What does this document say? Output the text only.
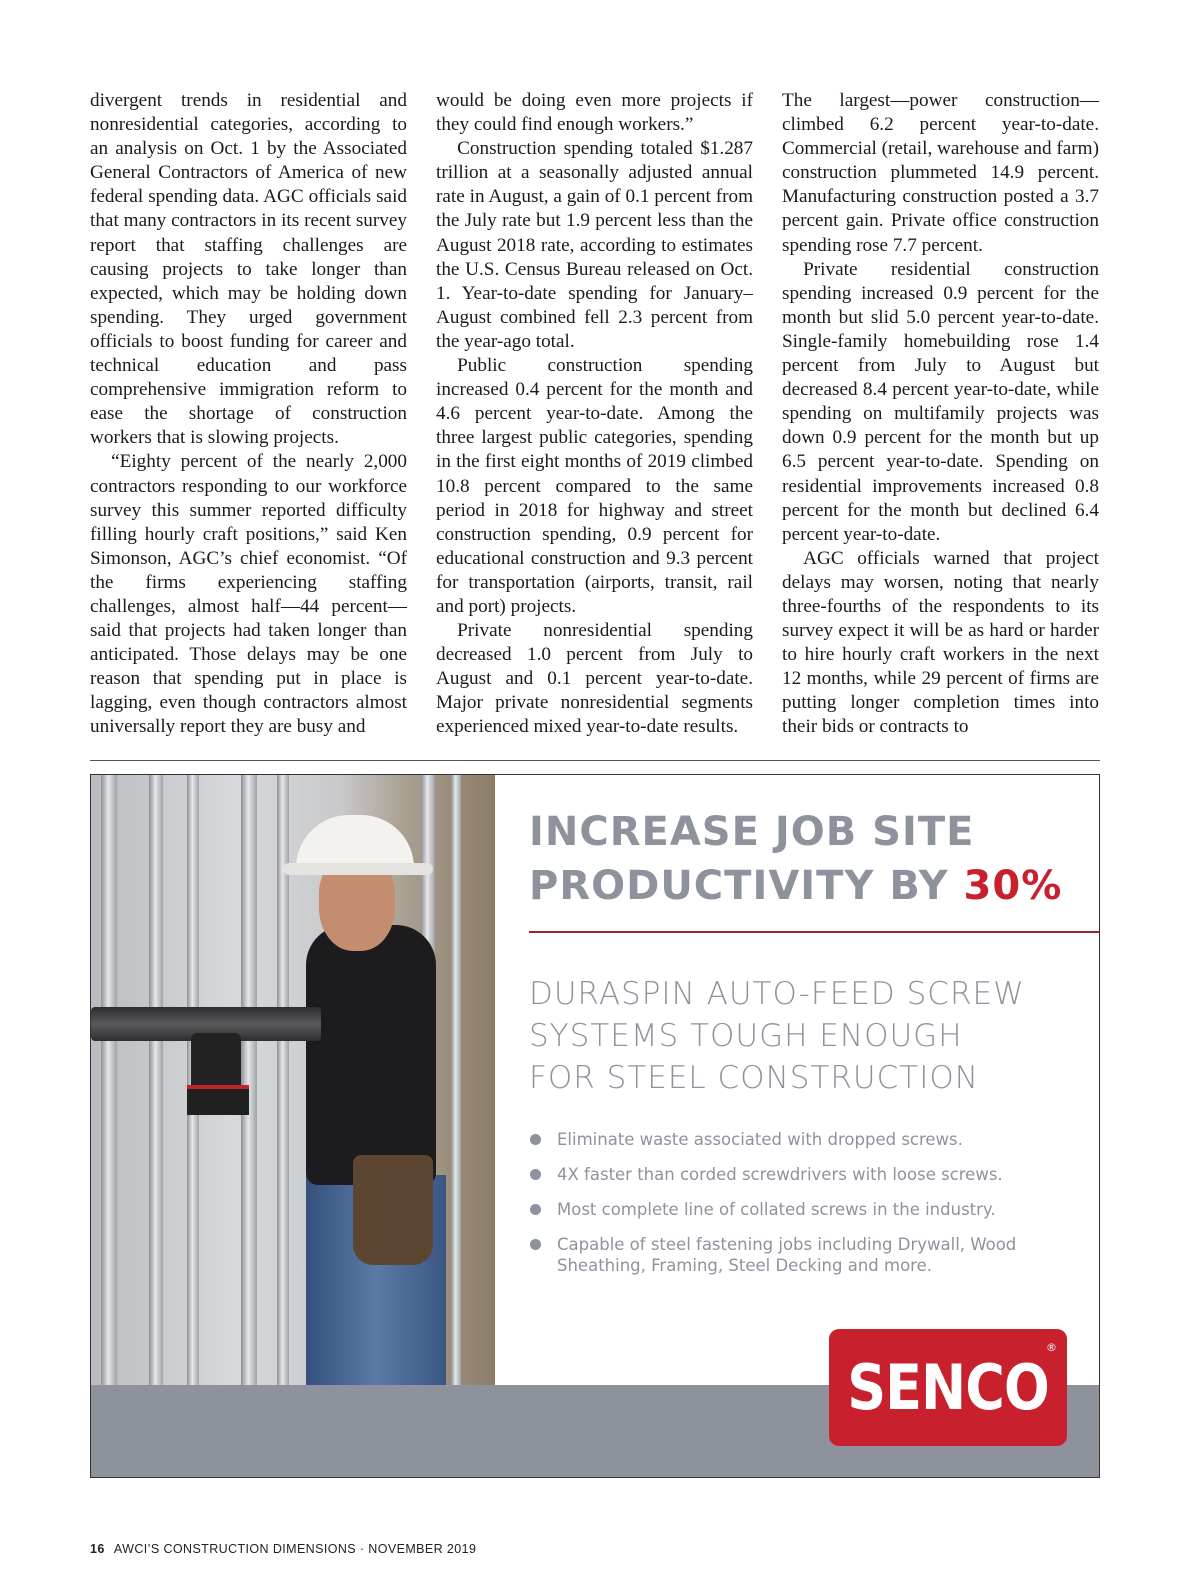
divergent trends in residential and nonresidential categories, according to an analysis on Oct. 1 by the Associated General Contractors of America of new federal spending data. AGC officials said that many contractors in its recent survey report that staffing challenges are causing projects to take longer than expected, which may be holding down spending. They urged government officials to boost funding for career and technical education and pass comprehensive immigration reform to ease the shortage of construction workers that is slowing projects.

“Eighty percent of the nearly 2,000 contractors responding to our workforce survey this summer reported difficulty filling hourly craft positions,” said Ken Simonson, AGC’s chief economist. “Of the firms experiencing staffing challenges, almost half—44 percent—said that projects had taken longer than anticipated. Those delays may be one reason that spending put in place is lagging, even though contractors almost universally report they are busy and

would be doing even more projects if they could find enough workers.”

Construction spending totaled $1.287 trillion at a seasonally adjusted annual rate in August, a gain of 0.1 percent from the July rate but 1.9 percent less than the August 2018 rate, according to estimates the U.S. Census Bureau released on Oct. 1. Year-to-date spending for January–August combined fell 2.3 percent from the year-ago total.

Public construction spending increased 0.4 percent for the month and 4.6 percent year-to-date. Among the three largest public categories, spending in the first eight months of 2019 climbed 10.8 percent compared to the same period in 2018 for highway and street construction spending, 0.9 percent for educational construction and 9.3 percent for transportation (airports, transit, rail and port) projects.

Private nonresidential spending decreased 1.0 percent from July to August and 0.1 percent year-to-date. Major private nonresidential segments experienced mixed year-to-date results.

The largest—power construction—climbed 6.2 percent year-to-date. Commercial (retail, warehouse and farm) construction plummeted 14.9 percent. Manufacturing construction posted a 3.7 percent gain. Private office construction spending rose 7.7 percent.

Private residential construction spending increased 0.9 percent for the month but slid 5.0 percent year-to-date. Single-family homebuilding rose 1.4 percent from July to August but decreased 8.4 percent year-to-date, while spending on multifamily projects was down 0.9 percent for the month but up 6.5 percent year-to-date. Spending on residential improvements increased 0.8 percent for the month but declined 6.4 percent year-to-date.

AGC officials warned that project delays may worsen, noting that nearly three-fourths of the respondents to its survey expect it will be as hard or harder to hire hourly craft workers in the next 12 months, while 29 percent of firms are putting longer completion times into their bids or contracts to

INCREASE JOB SITE
PRODUCTIVITY BY 30%
DURASPIN AUTO-FEED SCREW
SYSTEMS TOUGH ENOUGH
FOR STEEL CONSTRUCTION
Eliminate waste associated with dropped screws.
4X faster than corded screwdrivers with loose screws.
Most complete line of collated screws in the industry.
Capable of steel fastening jobs including Drywall, Wood Sheathing, Framing, Steel Decking and more.
SENCO
®
16 AWCI’S CONSTRUCTION DIMENSIONS · NOVEMBER 2019
